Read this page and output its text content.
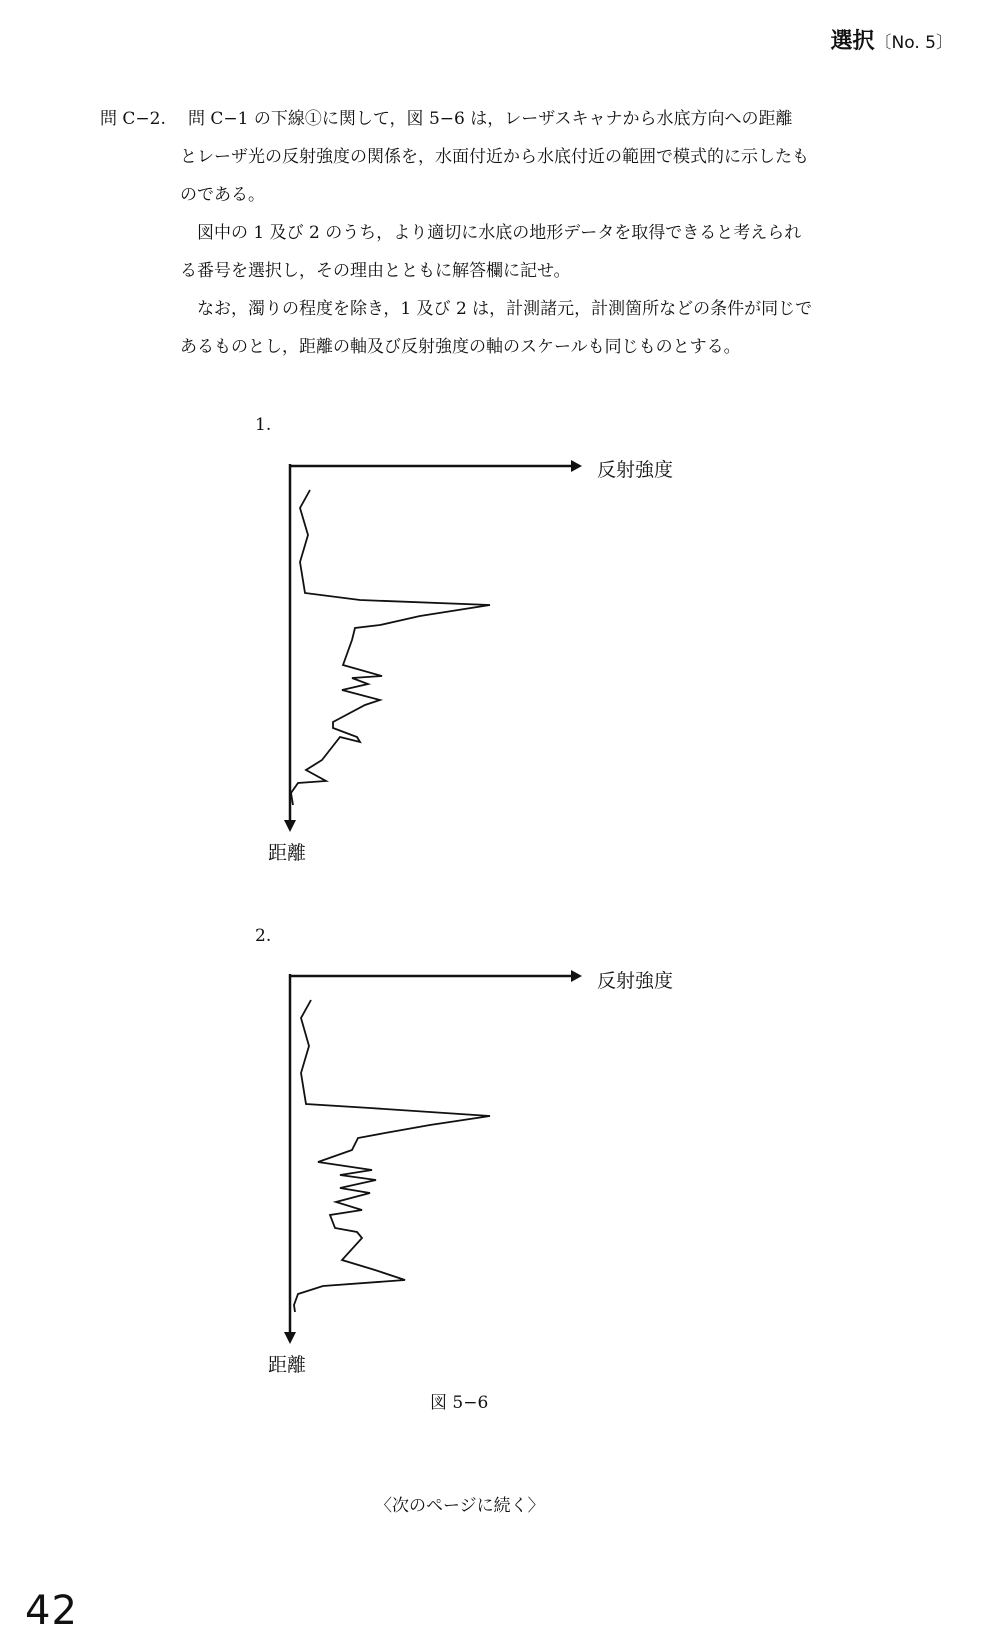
選択〔No. 5〕
問 C−2. 問 C−1 の下線①に関して，図 5−6 は，レーザスキャナから水底方向への距離
とレーザ光の反射強度の関係を，水面付近から水底付近の範囲で模式的に示したも
のである。
　図中の 1 及び 2 のうち，より適切に水底の地形データを取得できると考えられ
る番号を選択し，その理由とともに解答欄に記せ。
　なお，濁りの程度を除き，1 及び 2 は，計測諸元，計測箇所などの条件が同じで
あるものとし，距離の軸及び反射強度の軸のスケールも同じものとする。
1.
反射強度
距離
2.
反射強度
距離
図 5−6
〈次のページに続く〉
42
